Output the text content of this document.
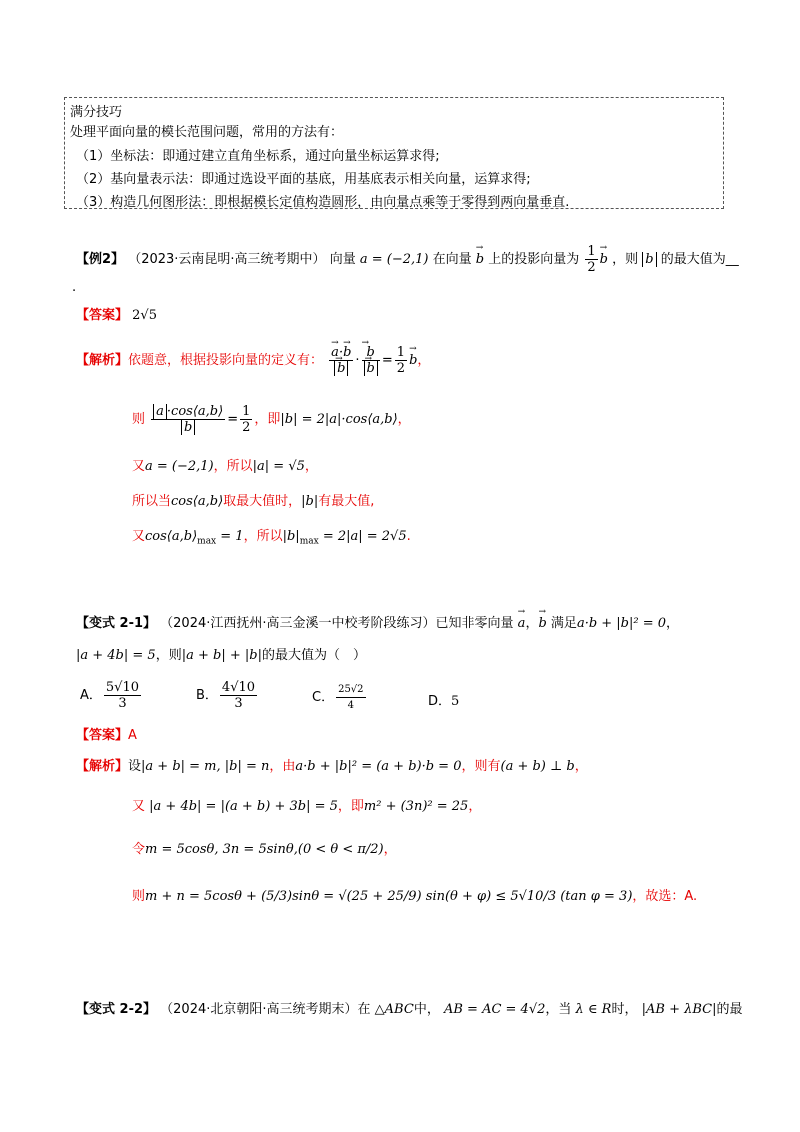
满分技巧
处理平面向量的模长范围问题，常用的方法有：
（1）坐标法：即通过建立直角坐标系，通过向量坐标运算求得;
（2）基向量表示法：即通过选设平面的基底，用基底表示相关向量，运算求得;
（3）构造几何图形法：即根据模长定值构造圆形，由向量点乘等于零得到两向量垂直.
【例2】 （2023·云南昆明·高三统考期中） 向量 a = (−2,1) 在向量 → b 上的投影向量为 $\frac{1}{2}$
→ b ，则 b 的最大值为__
.
【答案】 2√5
【解析】依题意，根据投影向量的定义有：
→ a·→ b
→ b ·
→ b
→ $b = \frac{1}{2}$
→ b，
则 $\frac{a \cdot\cos⟨a,b⟩}{b} = \frac{1}{2}$ ，即|b| = 2|a|·cos⟨a,b⟩，
又a = (−2,1)，所以|a| = √5，
所以当cos⟨a,b⟩取最大值时，|b|有最大值,
又$\cos⟨a,b⟩_{max} = 1$，所以$|b|_{max} = 2|a| = 2√5$.
【变式 2-1】 （2024·江西抚州·高三金溪一中校考阶段练习）已知非零向量 → a，→ b 满足a·b + |b|² = 0，
|a + 4b| = 5，则|a + b| + |b|的最大值为（　）
A． $\frac{5√10}{3}$	B． $\frac{4√10}{3}$	C． $\frac{25√2}{4}$	D．5
【答案】A
【解析】设|a + b| = m, |b| = n，由a·b + |b|² = (a + b)·b = 0，则有(a + b) ⊥ b，
又 |a + 4b| = |(a + b) + 3b| = 5，即m² + (3n)² = 25，
令m = 5cosθ, 3n = 5sinθ,(0 < θ < π/2)，
则m + n = 5cosθ + (5/3)sinθ = √(25 + 25/9) sin(θ + φ) ≤ 5√10/3 (tan φ = 3)，故选：A.
【变式 2-2】 （2024·北京朝阳·高三统考期末）在 △ABC中， AB = AC = 4√2，当 λ ∈ R时， |AB + λBC|的最
